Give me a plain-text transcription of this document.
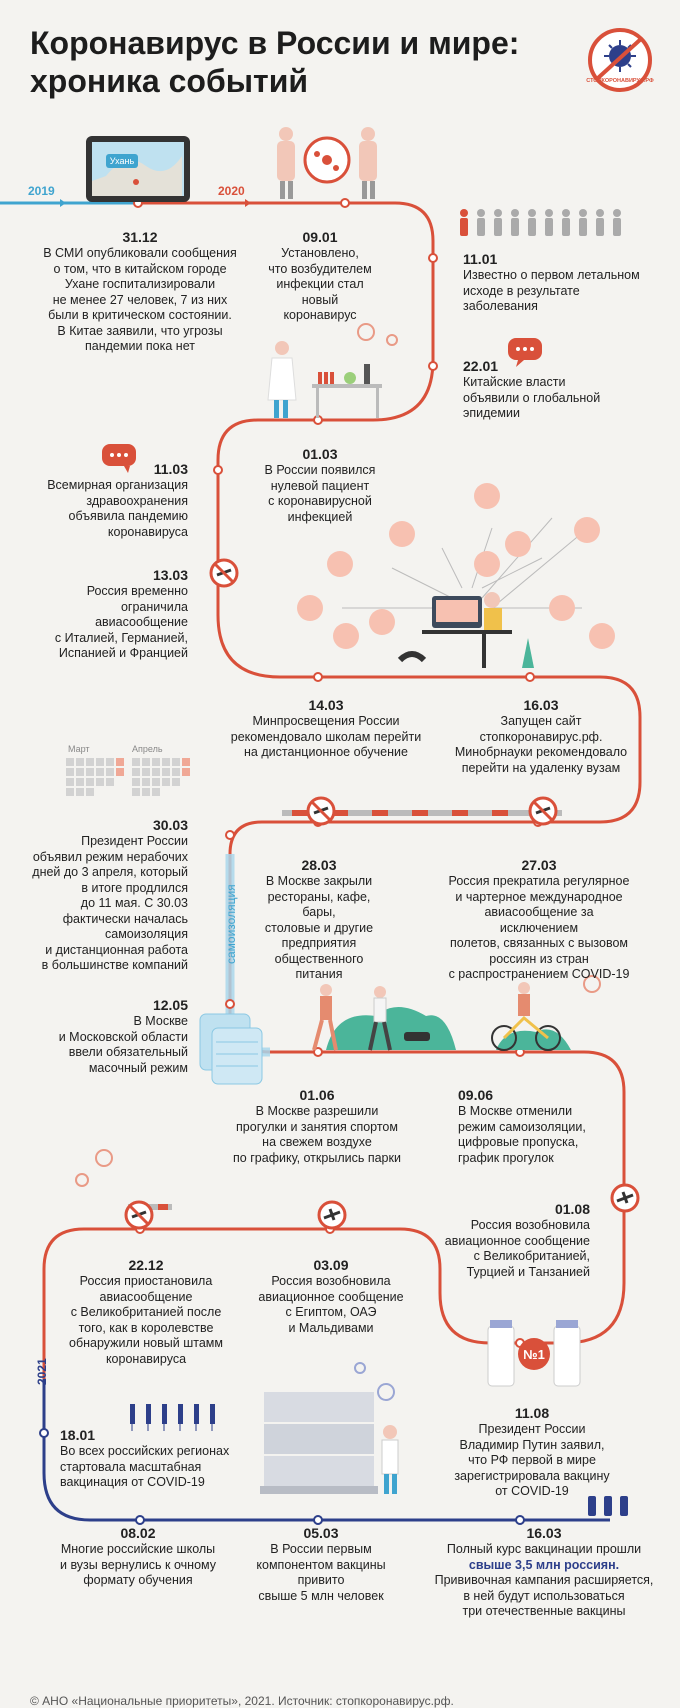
Коронавирус в России и мире:
хроника событий	СТОПКОРОНАВИРУС.РФ
2019	2020
2021
самоизоляция
Ухань
Март	Апрель
№1
31.12
В СМИ опубликовали сообщения
о том, что в китайском городе
Ухане госпитализировали
не менее 27 человек, 7 из них
были в критическом состоянии.
В Китае заявили, что угрозы
пандемии пока нет
09.01
Установлено,
что возбудителем
инфекции стал новый
коронавирус
11.01
Известно о первом летальном
исходе в результате
заболевания
22.01
Китайские власти
объявили о глобальной
эпидемии
01.03
В России появился
нулевой пациент
с коронавирусной
инфекцией
11.03
Всемирная организация
здравоохранения
объявила пандемию
коронавируса
13.03
Россия временно
ограничила
авиасообщение
с Италией, Германией,
Испанией и Францией
14.03
Минпросвещения России
рекомендовало школам перейти
на дистанционное обучение
16.03
Запущен сайт
стопкоронавирус.рф.
Минобрнауки рекомендовало
перейти на удаленку вузам
30.03
Президент России
объявил режим нерабочих
дней до 3 апреля, который
в итоге продлился
до 11 мая. С 30.03
фактически началась
самоизоляция
и дистанционная работа
в большинстве компаний
28.03
В Москве закрыли
рестораны, кафе, бары,
столовые и другие
предприятия
общественного
питания
27.03
Россия прекратила регулярное
и чартерное международное
авиасообщение за исключением
полетов, связанных с вызовом
россиян из стран
с распространением COVID-19
12.05
В Москве
и Московской области
ввели обязательный
масочный режим
01.06
В Москве разрешили
прогулки и занятия спортом
на свежем воздухе
по графику, открылись парки
09.06
В Москве отменили
режим самоизоляции,
цифровые пропуска,
график прогулок
01.08
Россия возобновила
авиационное сообщение
с Великобританией,
Турцией и Танзанией
22.12
Россия приостановила
авиасообщение
с Великобританией после
того, как в королевстве
обнаружили новый штамм
коронавируса
03.09
Россия возобновила
авиационное сообщение
с Египтом, ОАЭ
и Мальдивами
11.08
Президент России
Владимир Путин заявил,
что РФ первой в мире
зарегистрировала вакцину
от COVID-19
18.01
Во всех российских регионах
стартовала масштабная
вакцинация от COVID-19
08.02
Многие российские школы
и вузы вернулись к очному
формату обучения
05.03
В России первым
компонентом вакцины
привито
свыше 5 млн человек
16.03
Полный курс вакцинации прошли
свыше 3,5 млн россиян.
Прививочная кампания расширяется,
в ней будут использоваться
три отечественные вакцины
© АНО «Национальные приоритеты», 2021. Источник: стопкоронавирус.рф.
